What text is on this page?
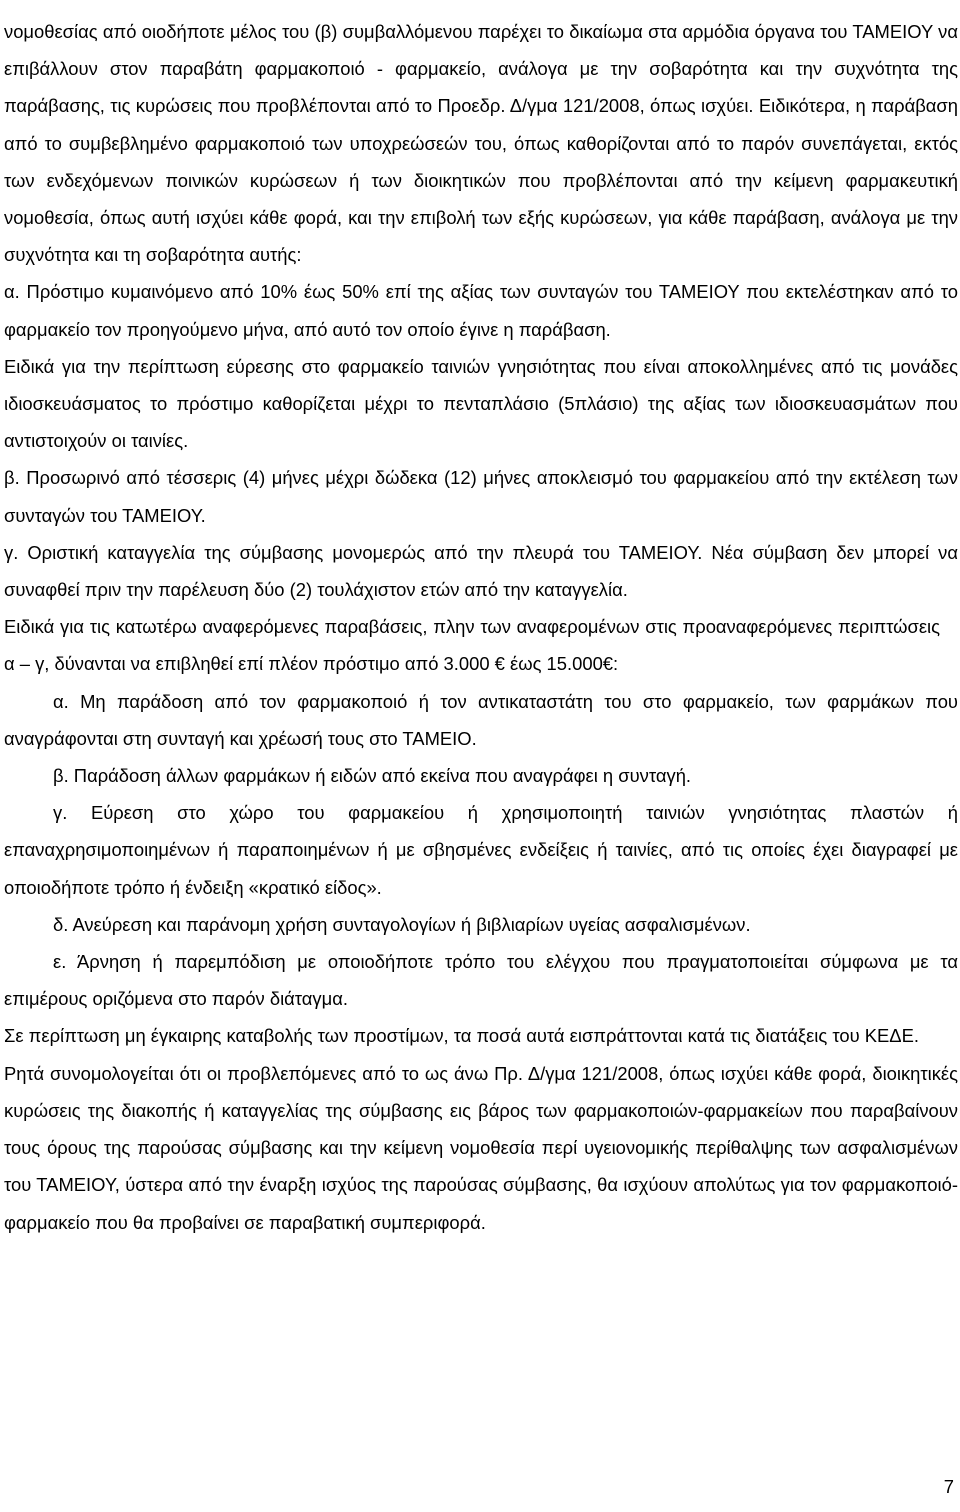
νομοθεσίας από οιοδήποτε μέλος του (β) συμβαλλόμενου παρέχει το δικαίωμα στα αρμόδια όργανα του ΤΑΜΕΙΟΥ να επιβάλλουν στον παραβάτη φαρμακοποιό - φαρμακείο, ανάλογα με την σοβαρότητα και την συχνότητα της παράβασης, τις κυρώσεις που προβλέπονται από το Προεδρ. Δ/γμα 121/2008, όπως ισχύει. Ειδικότερα, η παράβαση από το συμβεβλημένο φαρμακοποιό των υποχρεώσεών του, όπως καθορίζονται από το παρόν συνεπάγεται, εκτός των ενδεχόμενων ποινικών κυρώσεων ή των διοικητικών που προβλέπονται από την κείμενη φαρμακευτική νομοθεσία, όπως αυτή ισχύει κάθε φορά, και την επιβολή των εξής κυρώσεων, για κάθε παράβαση, ανάλογα με την συχνότητα και τη σοβαρότητα αυτής:

α. Πρόστιμο κυμαινόμενο από 10% έως 50% επί της αξίας των συνταγών του ΤΑΜΕΙΟΥ που εκτελέστηκαν από το φαρμακείο τον προηγούμενο μήνα, από αυτό τον οποίο έγινε η παράβαση.

Ειδικά για την περίπτωση εύρεσης στο φαρμακείο ταινιών γνησιότητας που είναι αποκολλημένες από τις μονάδες ιδιοσκευάσματος το πρόστιμο καθορίζεται μέχρι το πενταπλάσιο (5πλάσιο) της αξίας των ιδιοσκευασμάτων που αντιστοιχούν οι ταινίες.

β. Προσωρινό από τέσσερις (4) μήνες μέχρι δώδεκα (12) μήνες αποκλεισμό του φαρμακείου από την εκτέλεση των συνταγών του ΤΑΜΕΙΟΥ.

γ. Οριστική καταγγελία της σύμβασης μονομερώς από την πλευρά του ΤΑΜΕΙΟΥ. Νέα σύμβαση δεν μπορεί να συναφθεί πριν την παρέλευση δύο (2) τουλάχιστον ετών από την καταγγελία.

Ειδικά για τις κατωτέρω αναφερόμενες παραβάσεις, πλην των αναφερομένων στις προαναφερόμενες περιπτώσεις α – γ, δύνανται να επιβληθεί επί πλέον πρόστιμο από 3.000 € έως 15.000€:

α. Μη παράδοση από τον φαρμακοποιό ή τον αντικαταστάτη του στο φαρμακείο, των φαρμάκων που αναγράφονται στη συνταγή και χρέωσή τους στο ΤΑΜΕΙΟ.

β. Παράδοση άλλων φαρμάκων ή ειδών από εκείνα που αναγράφει η συνταγή.

γ. Εύρεση στο χώρο του φαρμακείου ή χρησιμοποιητή ταινιών γνησιότητας πλαστών ή επαναχρησιμοποιημένων ή παραποιημένων ή με σβησμένες ενδείξεις ή ταινίες, από τις οποίες έχει διαγραφεί με οποιοδήποτε τρόπο ή ένδειξη «κρατικό είδος».

δ. Ανεύρεση και παράνομη χρήση συνταγολογίων ή βιβλιαρίων υγείας ασφαλισμένων.

ε. Άρνηση ή παρεμπόδιση με οποιοδήποτε τρόπο του ελέγχου που πραγματοποιείται σύμφωνα με τα επιμέρους οριζόμενα στο παρόν διάταγμα.

Σε περίπτωση μη έγκαιρης καταβολής των προστίμων, τα ποσά αυτά εισπράττονται κατά τις διατάξεις του ΚΕΔΕ.

Ρητά συνομολογείται ότι οι προβλεπόμενες από το ως άνω Πρ. Δ/γμα 121/2008, όπως ισχύει κάθε φορά, διοικητικές κυρώσεις της διακοπής ή καταγγελίας της σύμβασης εις βάρος των φαρμακοποιών-φαρμακείων που παραβαίνουν τους όρους της παρούσας σύμβασης και την κείμενη νομοθεσία περί υγειονομικής περίθαλψης των ασφαλισμένων του ΤΑΜΕΙΟΥ, ύστερα από την έναρξη ισχύος της παρούσας σύμβασης, θα ισχύουν απολύτως για τον φαρμακοποιό-φαρμακείο που θα προβαίνει σε παραβατική συμπεριφορά.

7
